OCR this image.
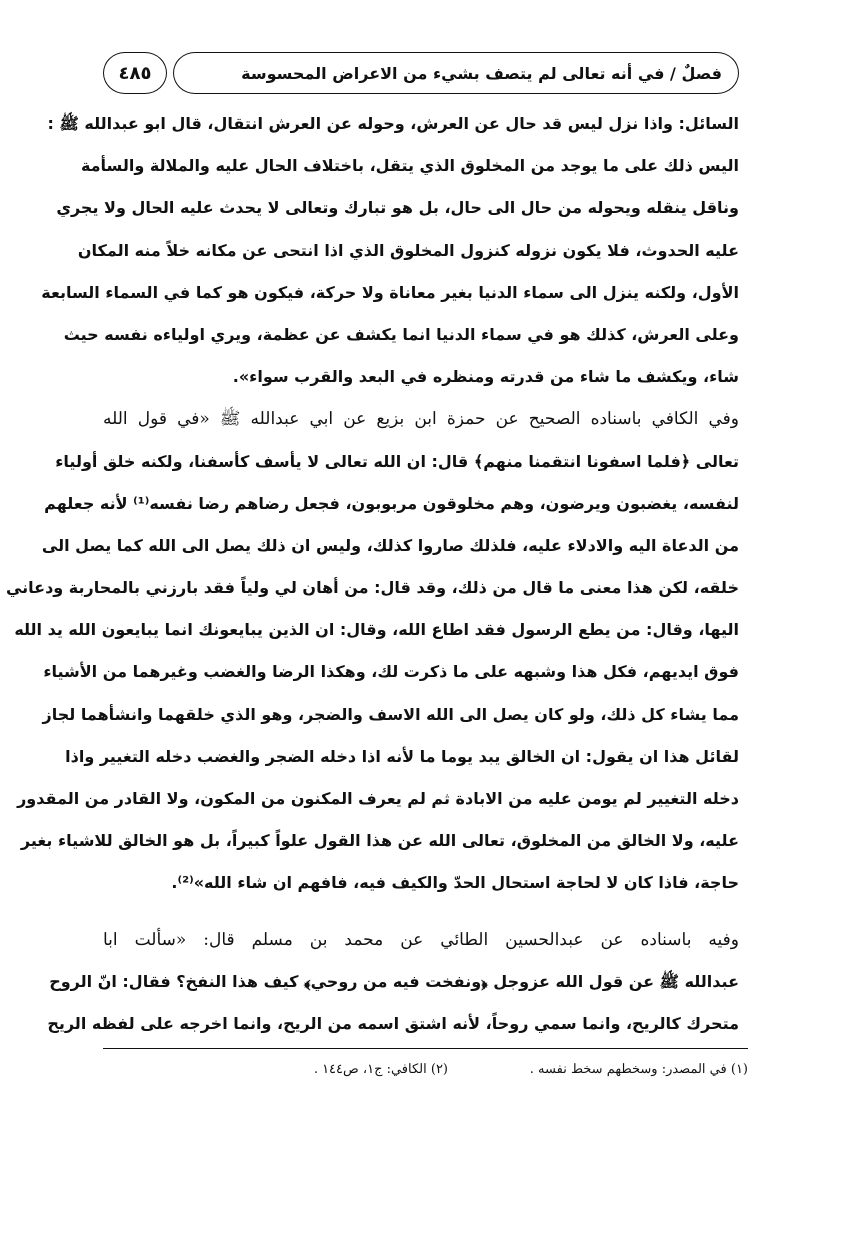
فصلٌ / في أنه تعالى لم يتصف بشيء من الاعراض المحسوسة
٤٨٥
السائل: واذا نزل ليس قد حال عن العرش، وحوله عن العرش انتقال، قال ابو عبدالله ﷺ :
اليس ذلك على ما يوجد من المخلوق الذي يتقل، باختلاف الحال عليه والملالة والسأمة
وناقل ينقله ويحوله من حال الى حال، بل هو تبارك وتعالى لا يحدث عليه الحال ولا يجري
عليه الحدوث، فلا يكون نزوله كنزول المخلوق الذي اذا انتحى عن مكانه خلاً منه المكان
الأول، ولكنه ينزل الى سماء الدنيا بغير معاناة ولا حركة، فيكون هو كما في السماء السابعة
وعلى العرش، كذلك هو في سماء الدنيا انما يكشف عن عظمة، ويري اولياءه نفسه حيث
شاء، ويكشف ما شاء من قدرته ومنظره في البعد والقرب سواء».
وفي الكافي باسناده الصحيح عن حمزة ابن بزيع عن ابي عبدالله ﷺ «في قول الله
تعالى ﴿فلما اسفونا انتقمنا منهم﴾ قال: ان الله تعالى لا يأسف كأسفنا، ولكنه خلق أولياء
لنفسه، يغضبون ويرضون، وهم مخلوقون مربوبون، فجعل رضاهم رضا نفسه⁽¹⁾ لأنه جعلهم
من الدعاة اليه والادلاء عليه، فلذلك صاروا كذلك، وليس ان ذلك يصل الى الله كما يصل الى
خلقه، لكن هذا معنى ما قال من ذلك، وقد قال: من أهان لي ولياً فقد بارزني بالمحاربة ودعاني
اليها، وقال: من يطع الرسول فقد اطاع الله، وقال: ان الذين يبايعونك انما يبايعون الله يد الله
فوق ايديهم، فكل هذا وشبهه على ما ذكرت لك، وهكذا الرضا والغضب وغيرهما من الأشياء
مما يشاء كل ذلك، ولو كان يصل الى الله الاسف والضجر، وهو الذي خلقهما وانشأهما لجاز
لقائل هذا ان يقول: ان الخالق يبد يوما ما لأنه اذا دخله الضجر والغضب دخله التغيير واذا
دخله التغيير لم يومن عليه من الابادة ثم لم يعرف المكنون من المكون، ولا القادر من المقدور
عليه، ولا الخالق من المخلوق، تعالى الله عن هذا القول علواً كبيراً، بل هو الخالق للاشياء بغير
حاجة، فاذا كان لا لحاجة استحال الحدّ والكيف فيه، فافهم ان شاء الله»⁽²⁾.
وفيه باسناده عن عبدالحسين الطائي عن محمد بن مسلم قال: «سألت ابا
عبدالله ﷺ عن قول الله عزوجل ﴿ونفخت فيه من روحي﴾ كيف هذا النفخ؟ فقال: انّ الروح
متحرك كالريح، وانما سمي روحاً، لأنه اشتق اسمه من الريح، وانما اخرجه على لفظه الريح
(١) في المصدر: وسخطهم سخط نفسه .
(٢) الكافي: ج١، ص١٤٤ .
